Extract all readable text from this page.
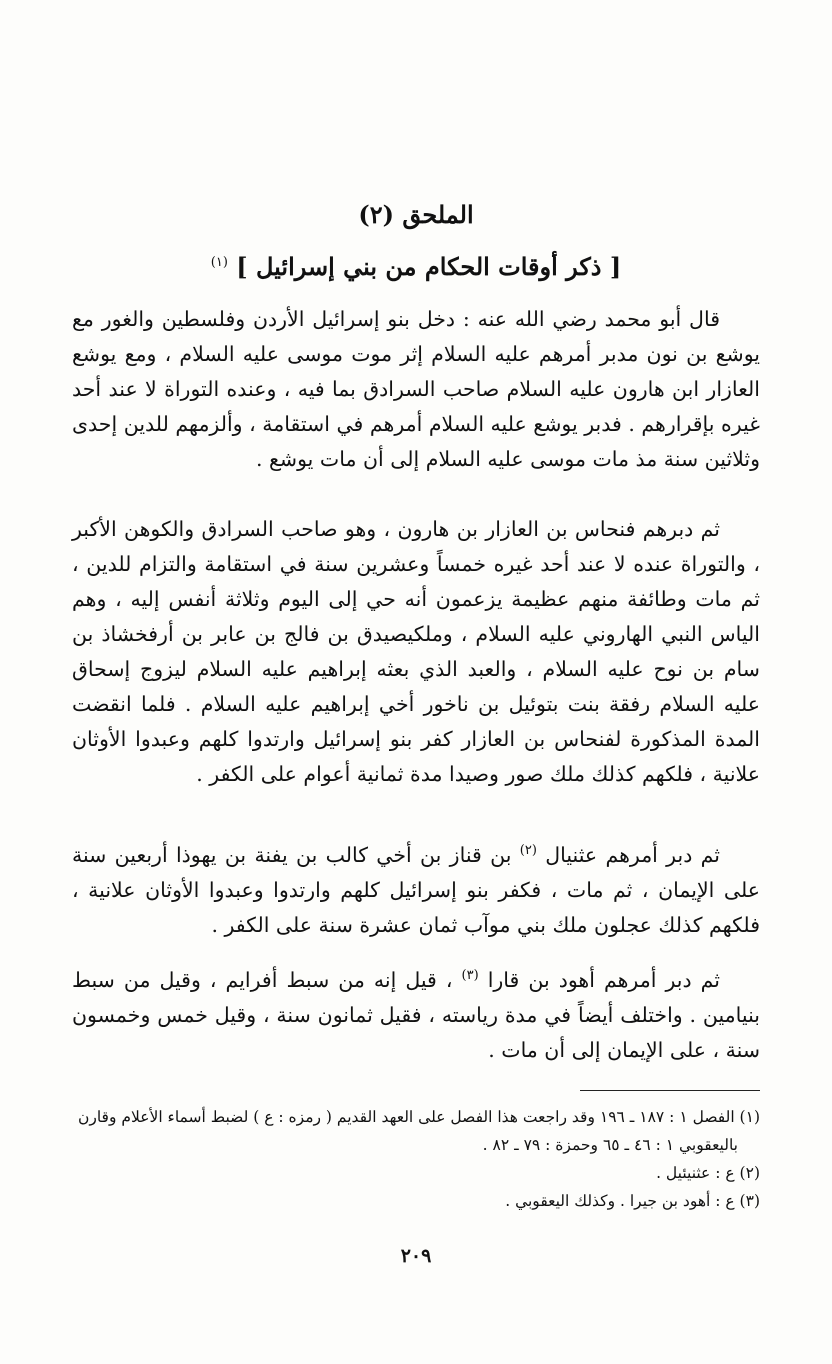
الملحق (٢)
[ ذكر أوقات الحكام من بني إسرائيل ] $^{(١)}$

قال أبو محمد رضي الله عنه : دخل بنو إسرائيل الأردن وفلسطين والغور مع يوشع بن نون مدبر أمرهم عليه السلام إثر موت موسى عليه السلام ، ومع يوشع العازار ابن هارون عليه السلام صاحب السرادق بما فيه ، وعنده التوراة لا عند أحد غيره بإقرارهم . فدبر يوشع عليه السلام أمرهم في استقامة ، وألزمهم للدين إحدى وثلاثين سنة مذ مات موسى عليه السلام إلى أن مات يوشع .

ثم دبرهم فنحاس بن العازار بن هارون ، وهو صاحب السرادق والكوهن الأكبر ، والتوراة عنده لا عند أحد غيره خمساً وعشرين سنة في استقامة والتزام للدين ، ثم مات وطائفة منهم عظيمة يزعمون أنه حي إلى اليوم وثلاثة أنفس إليه ، وهم الياس النبي الهاروني عليه السلام ، وملكيصيدق بن فالج بن عابر بن أرفخشاذ بن سام بن نوح عليه السلام ، والعبد الذي بعثه إبراهيم عليه السلام ليزوج إسحاق عليه السلام رفقة بنت بتوئيل بن ناخور أخي إبراهيم عليه السلام . فلما انقضت المدة المذكورة لفنحاس بن العازار كفر بنو إسرائيل وارتدوا كلهم وعبدوا الأوثان علانية ، فلكهم كذلك ملك صور وصيدا مدة ثمانية أعوام على الكفر .

ثم دبر أمرهم عثنيال $^{(٢)}$ بن قناز بن أخي كالب بن يفنة بن يهوذا أربعين سنة على الإيمان ، ثم مات ، فكفر بنو إسرائيل كلهم وارتدوا وعبدوا الأوثان علانية ، فلكهم كذلك عجلون ملك بني موآب ثمان عشرة سنة على الكفر .

ثم دبر أمرهم أهود بن قارا $^{(٣)}$ ، قيل إنه من سبط أفرايم ، وقيل من سبط بنيامين . واختلف أيضاً في مدة رياسته ، فقيل ثمانون سنة ، وقيل خمس وخمسون سنة ، على الإيمان إلى أن مات .

(١) الفصل ١ : ١٨٧ ـ ١٩٦ وقد راجعت هذا الفصل على العهد القديم ( رمزه : ع ) لضبط أسماء الأعلام وقارن

باليعقوبي ١ : ٤٦ ـ ٦٥ وحمزة : ٧٩ ـ ٨٢ .

(٢) ع : عثنيئيل .

(٣) ع : أهود بن جيرا . وكذلك اليعقوبي .

٢٠٩
